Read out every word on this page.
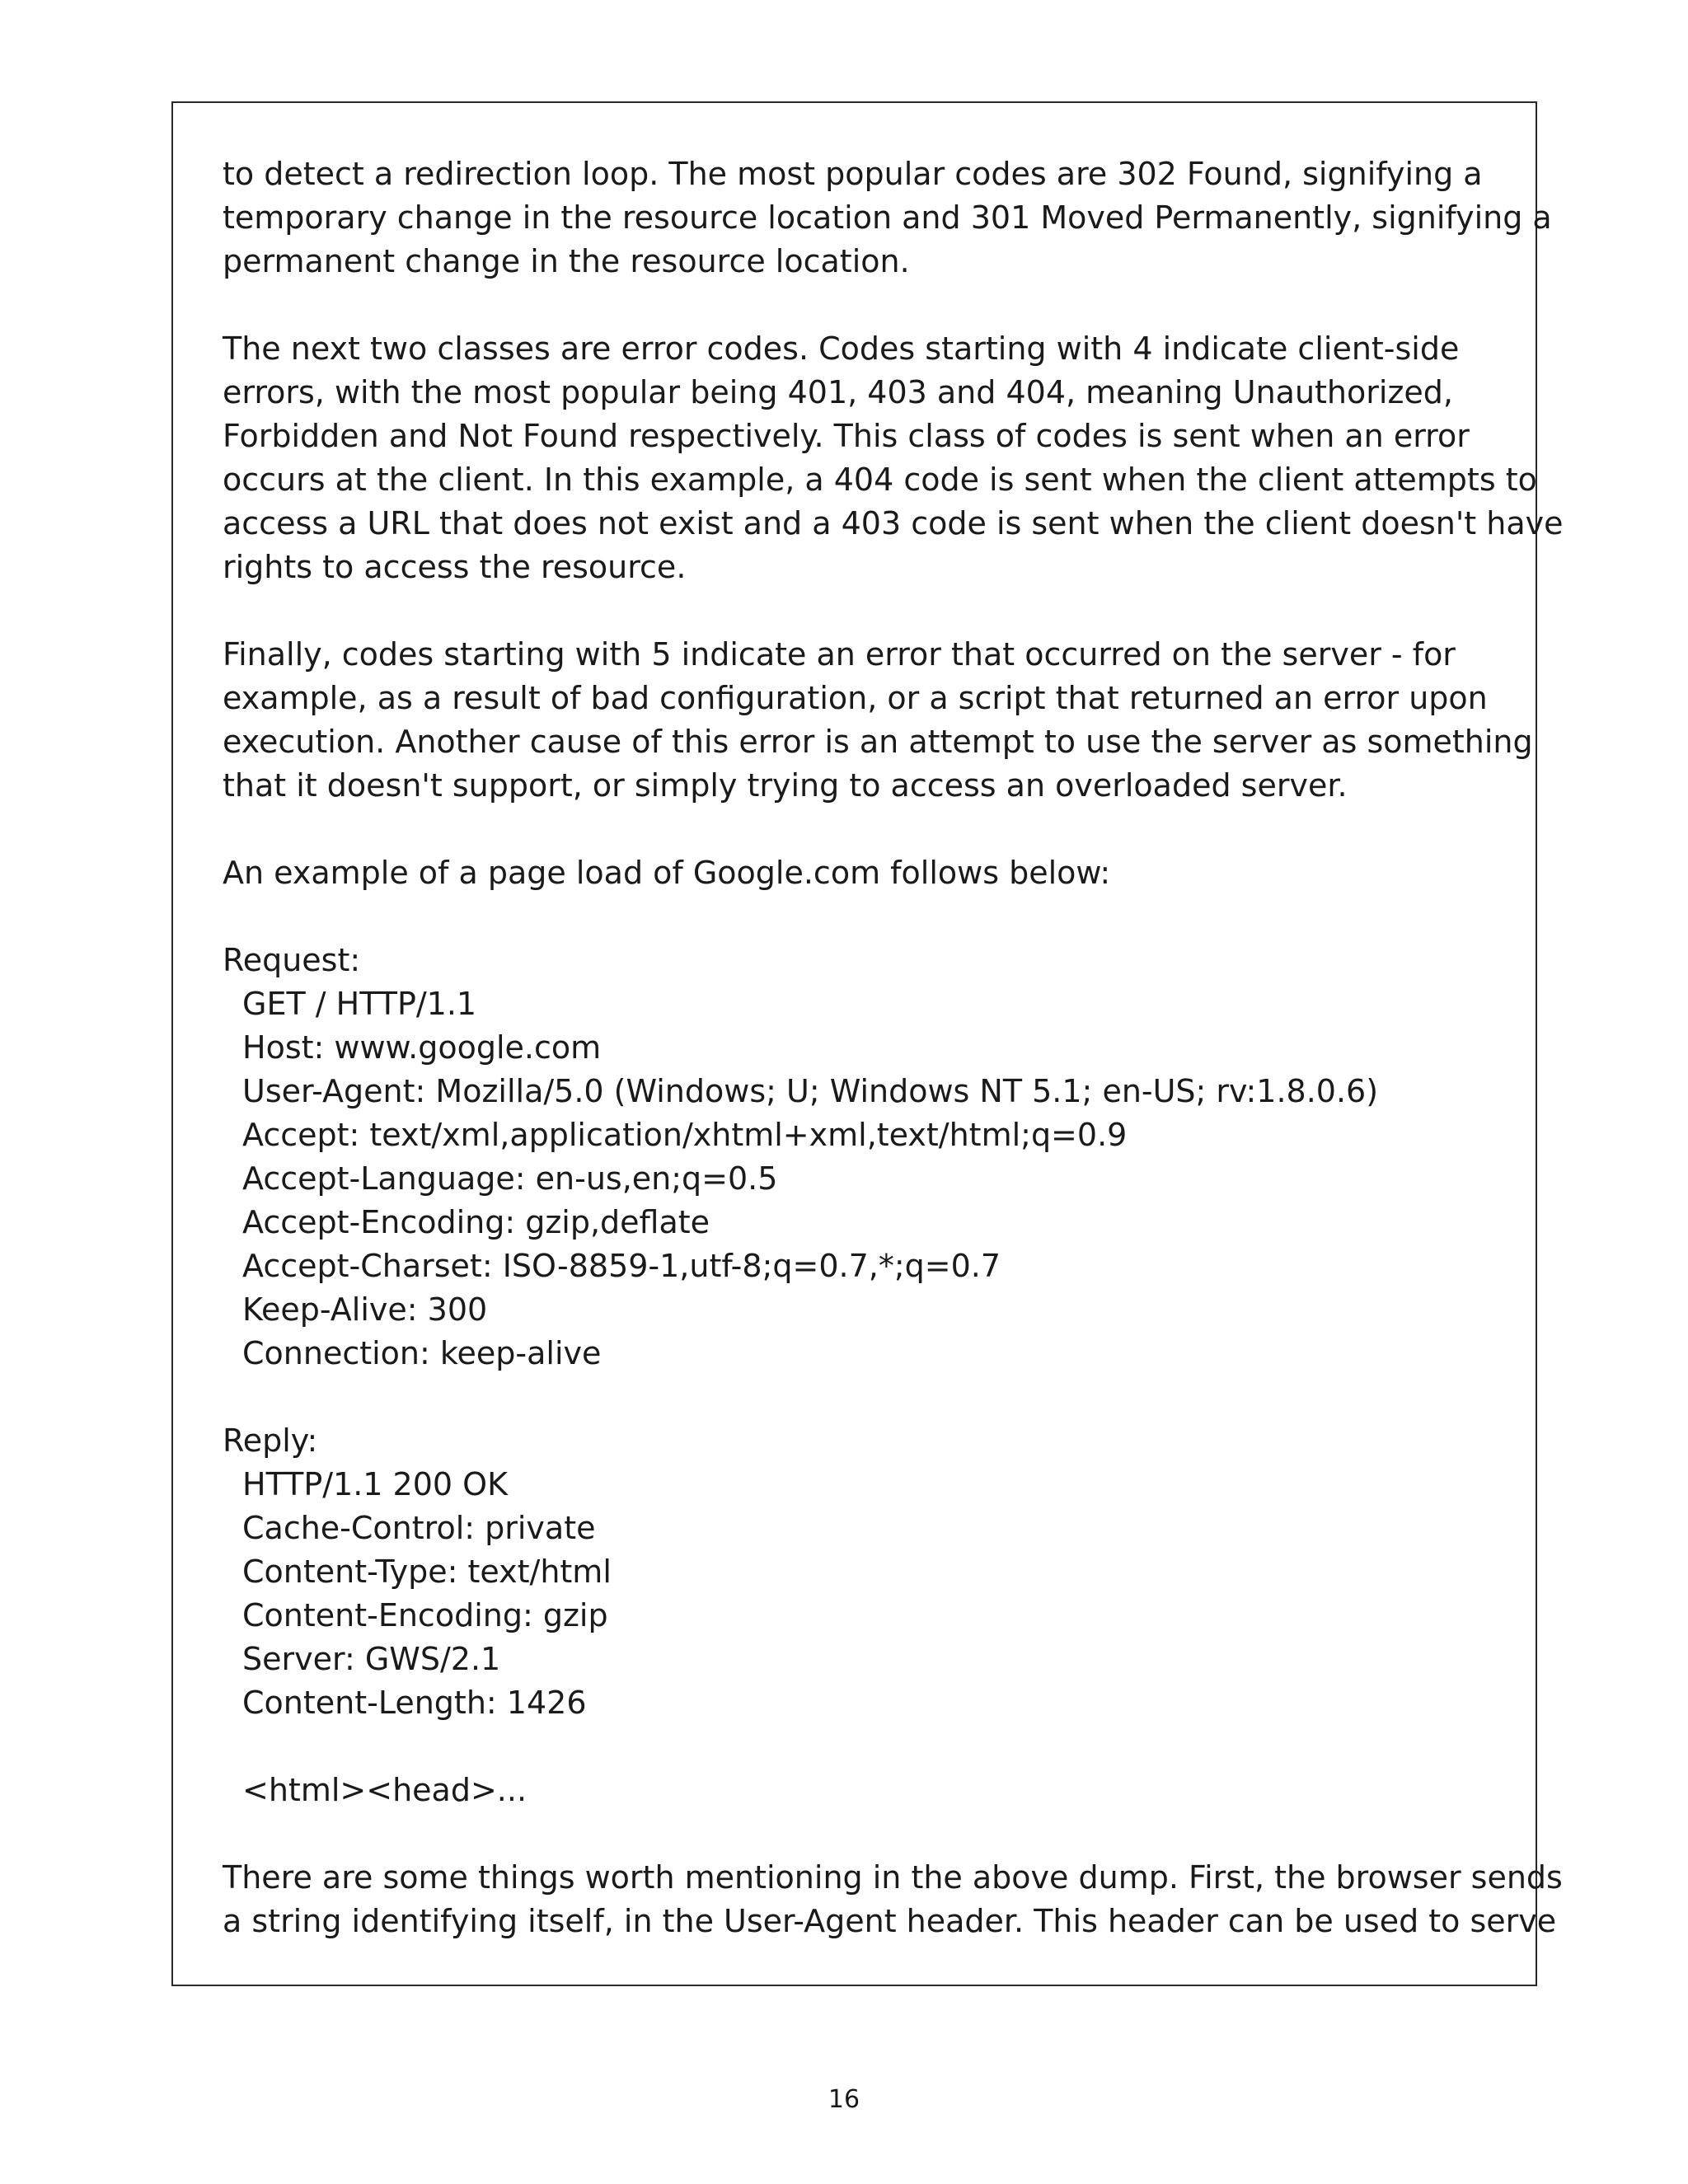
to detect a redirection loop. The most popular codes are 302 Found, signifying a
temporary change in the resource location and 301 Moved Permanently, signifying a
permanent change in the resource location.

The next two classes are error codes. Codes starting with 4 indicate client-side
errors, with the most popular being 401, 403 and 404, meaning Unauthorized,
Forbidden and Not Found respectively. This class of codes is sent when an error
occurs at the client. In this example, a 404 code is sent when the client attempts to
access a URL that does not exist and a 403 code is sent when the client doesn't have
rights to access the resource.

Finally, codes starting with 5 indicate an error that occurred on the server - for
example, as a result of bad configuration, or a script that returned an error upon
execution. Another cause of this error is an attempt to use the server as something
that it doesn't support, or simply trying to access an overloaded server.

An example of a page load of Google.com follows below:

Request:
GET / HTTP/1.1
Host: www.google.com
User-Agent: Mozilla/5.0 (Windows; U; Windows NT 5.1; en-US; rv:1.8.0.6)
Accept: text/xml,application/xhtml+xml,text/html;q=0.9
Accept-Language: en-us,en;q=0.5
Accept-Encoding: gzip,deflate
Accept-Charset: ISO-8859-1,utf-8;q=0.7,*;q=0.7
Keep-Alive: 300
Connection: keep-alive
Reply:
HTTP/1.1 200 OK
Cache-Control: private
Content-Type: text/html
Content-Encoding: gzip
Server: GWS/2.1
Content-Length: 1426
<html><head>...

There are some things worth mentioning in the above dump. First, the browser sends
a string identifying itself, in the User-Agent header. This header can be used to serve

16
